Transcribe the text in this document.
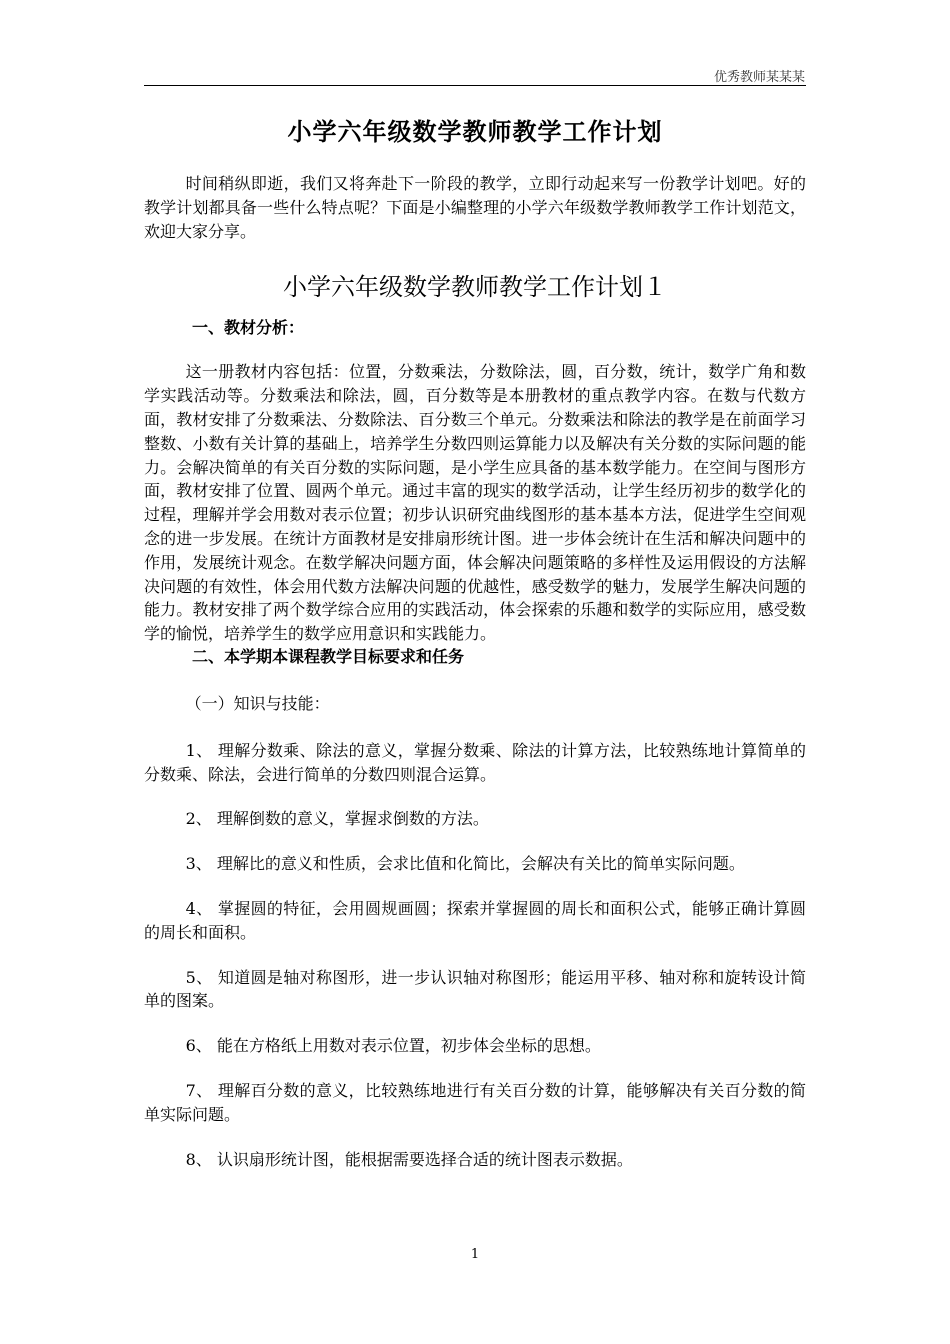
优秀教师某某某
小学六年级数学教师教学工作计划

时间稍纵即逝，我们又将奔赴下一阶段的教学，立即行动起来写一份教学计划吧。好的教学计划都具备一些什么特点呢？下面是小编整理的小学六年级数学教师教学工作计划范文，欢迎大家分享。

小学六年级数学教师教学工作计划１
一、教材分析：

这一册教材内容包括：位置，分数乘法，分数除法，圆，百分数，统计，数学广角和数学实践活动等。分数乘法和除法，圆，百分数等是本册教材的重点教学内容。在数与代数方面，教材安排了分数乘法、分数除法、百分数三个单元。分数乘法和除法的教学是在前面学习整数、小数有关计算的基础上，培养学生分数四则运算能力以及解决有关分数的实际问题的能力。会解决简单的有关百分数的实际问题，是小学生应具备的基本数学能力。在空间与图形方面，教材安排了位置、圆两个单元。通过丰富的现实的数学活动，让学生经历初步的数学化的过程，理解并学会用数对表示位置；初步认识研究曲线图形的基本基本方法，促进学生空间观念的进一步发展。在统计方面教材是安排扇形统计图。进一步体会统计在生活和解决问题中的作用，发展统计观念。在数学解决问题方面，体会解决问题策略的多样性及运用假设的方法解决问题的有效性，体会用代数方法解决问题的优越性，感受数学的魅力，发展学生解决问题的能力。教材安排了两个数学综合应用的实践活动，体会探索的乐趣和数学的实际应用，感受数学的愉悦，培养学生的数学应用意识和实践能力。

二、本学期本课程教学目标要求和任务

（一）知识与技能：

1、 理解分数乘、除法的意义，掌握分数乘、除法的计算方法，比较熟练地计算简单的分数乘、除法，会进行简单的分数四则混合运算。

2、 理解倒数的意义，掌握求倒数的方法。

3、 理解比的意义和性质，会求比值和化简比，会解决有关比的简单实际问题。

4、 掌握圆的特征，会用圆规画圆；探索并掌握圆的周长和面积公式，能够正确计算圆的周长和面积。

5、 知道圆是轴对称图形，进一步认识轴对称图形；能运用平移、轴对称和旋转设计简单的图案。

6、 能在方格纸上用数对表示位置，初步体会坐标的思想。

7、 理解百分数的意义，比较熟练地进行有关百分数的计算，能够解决有关百分数的简单实际问题。

8、 认识扇形统计图，能根据需要选择合适的统计图表示数据。

1
